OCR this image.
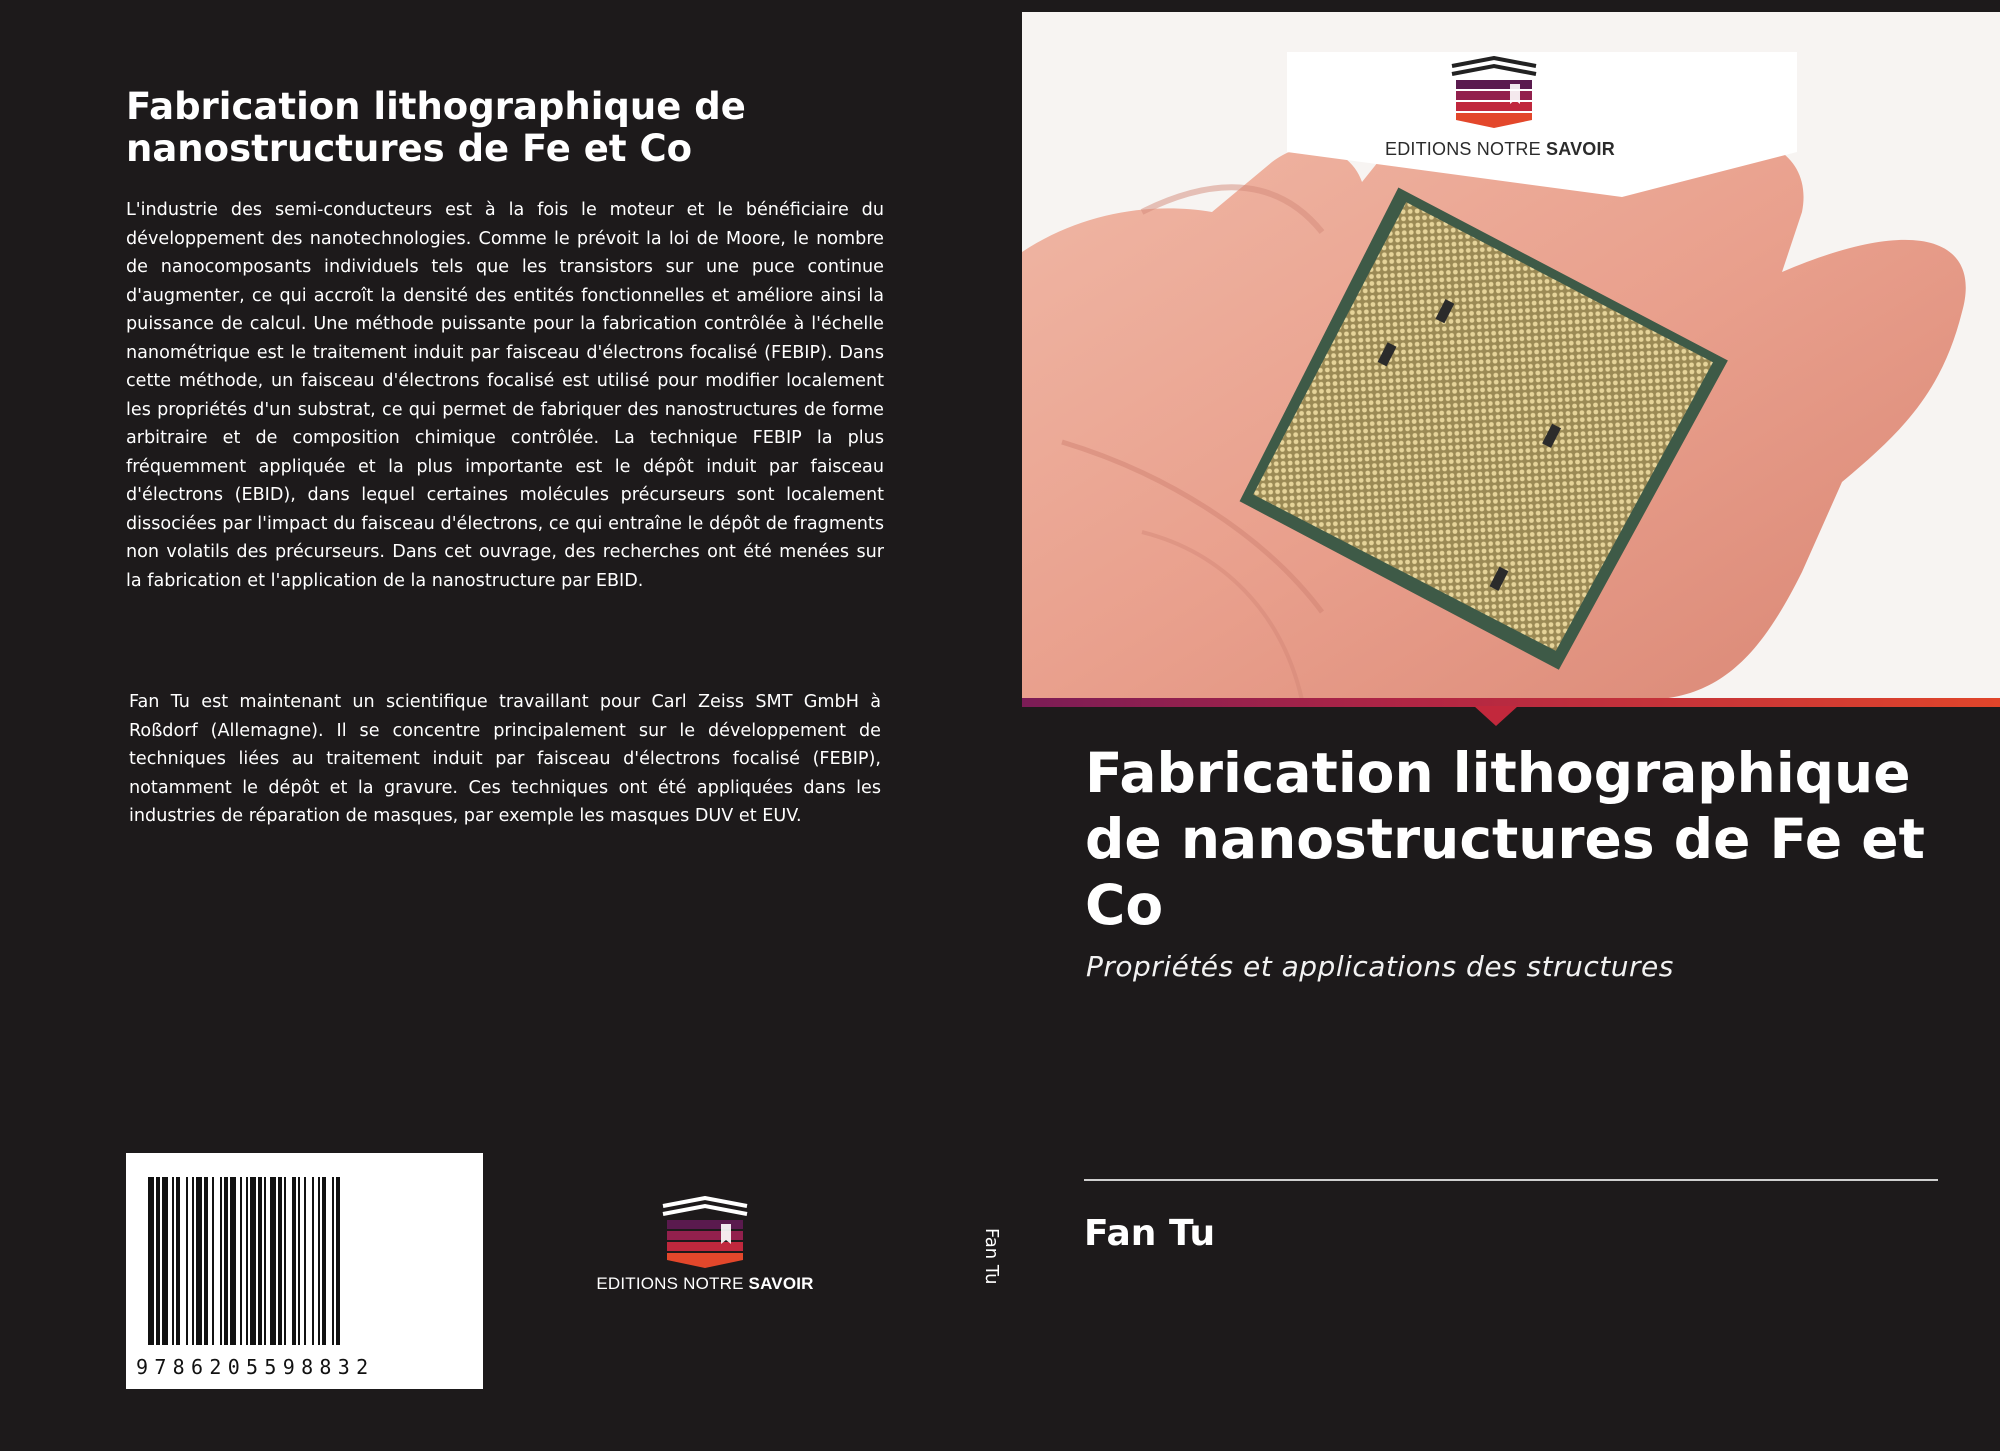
Fabrication lithographique de nanostructures de Fe et Co

L'industrie des semi-conducteurs est à la fois le moteur et le bénéficiaire du développement des nanotechnologies. Comme le prévoit la loi de Moore, le nombre de nanocomposants individuels tels que les transistors sur une puce continue d'augmenter, ce qui accroît la densité des entités fonctionnelles et améliore ainsi la puissance de calcul. Une méthode puissante pour la fabrication contrôlée à l'échelle nanométrique est le traitement induit par faisceau d'électrons focalisé (FEBIP). Dans cette méthode, un faisceau d'électrons focalisé est utilisé pour modifier localement les propriétés d'un substrat, ce qui permet de fabriquer des nanostructures de forme arbitraire et de composition chimique contrôlée. La technique FEBIP la plus fréquemment appliquée et la plus importante est le dépôt induit par faisceau d'électrons (EBID), dans lequel certaines molécules précurseurs sont localement dissociées par l'impact du faisceau d'électrons, ce qui entraîne le dépôt de fragments non volatils des précurseurs. Dans cet ouvrage, des recherches ont été menées sur la fabrication et l'application de la nanostructure par EBID.

Fan Tu est maintenant un scientifique travaillant pour Carl Zeiss SMT GmbH à Roßdorf (Allemagne). Il se concentre principalement sur le développement de techniques liées au traitement induit par faisceau d'électrons focalisé (FEBIP), notamment le dépôt et la gravure. Ces techniques ont été appliquées dans les industries de réparation de masques, par exemple les masques DUV et EUV.

9786205598832
EDITIONS NOTRE SAVOIR	Fan Tu
EDITIONS NOTRE SAVOIR
Fabrication lithographique de nanostructures de Fe et Co

Propriétés et applications des structures

Fan Tu
